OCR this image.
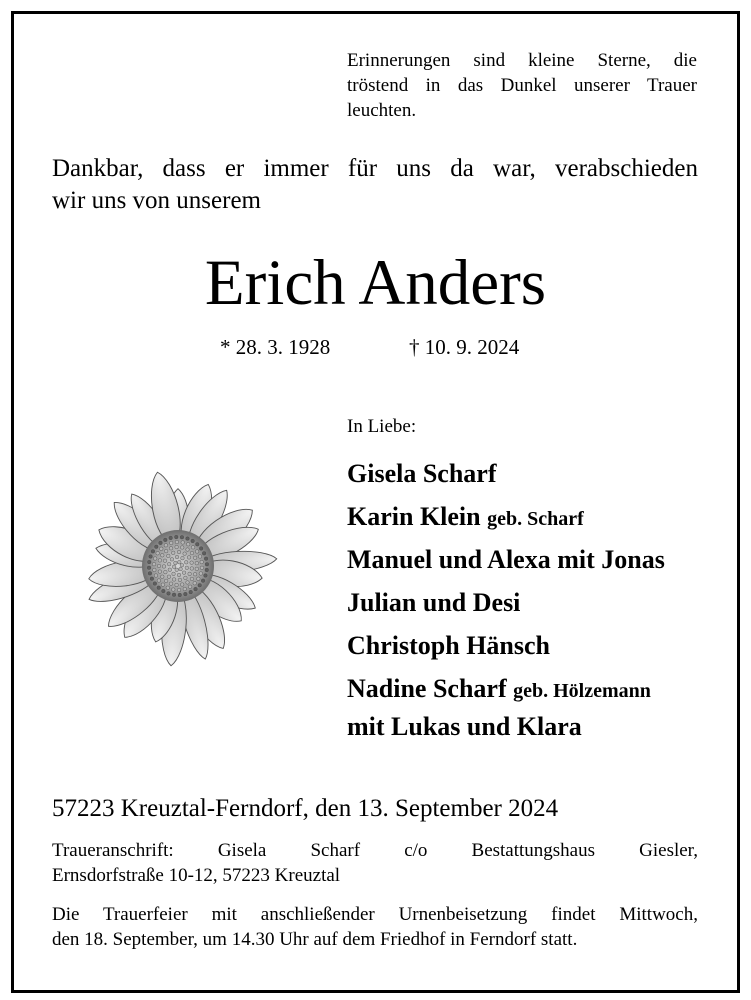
Erinnerungen sind kleine Sterne, die
tröstend in das Dunkel unserer Trauer
leuchten.
Dankbar, dass er immer für uns da war, verabschieden
wir uns von unserem
Erich Anders
* 28. 3. 1928	† 10. 9. 2024
In Liebe:
Gisela Scharf
Karin Klein geb. Scharf
Manuel und Alexa mit Jonas
Julian und Desi
Christoph Hänsch
Nadine Scharf geb. Hölzemann
mit Lukas und Klara
57223 Kreuztal-Ferndorf, den 13. September 2024
Traueranschrift: Gisela Scharf c/o Bestattungshaus Giesler,
Ernsdorfstraße 10-12, 57223 Kreuztal
Die Trauerfeier mit anschließender Urnenbeisetzung findet Mittwoch,
den 18. September, um 14.30 Uhr auf dem Friedhof in Ferndorf statt.
